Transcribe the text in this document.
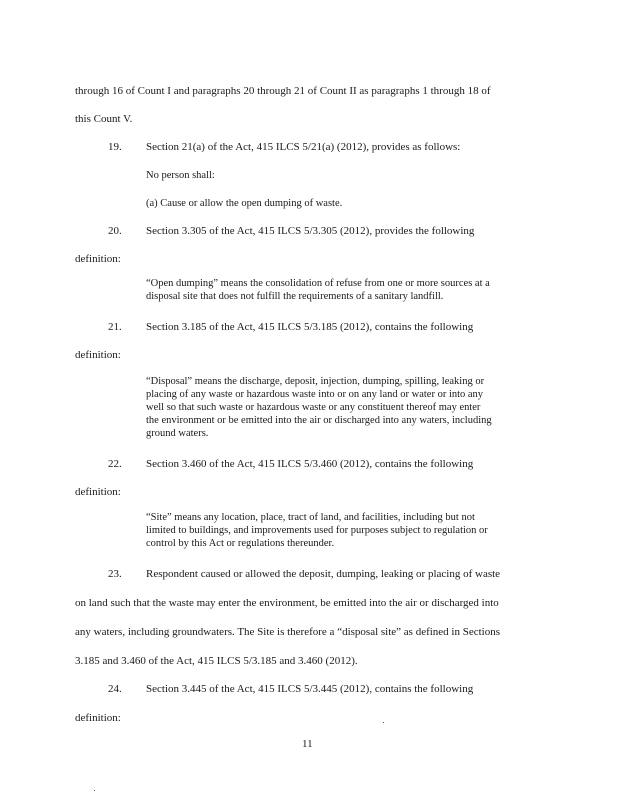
through 16 of Count I and paragraphs 20 through 21 of Count II as paragraphs 1 through 18 of
this Count V.
19. Section 21(a) of the Act, 415 ILCS 5/21(a) (2012), provides as follows:
No person shall:
(a) Cause or allow the open dumping of waste.
20. Section 3.305 of the Act, 415 ILCS 5/3.305 (2012), provides the following
definition:
“Open dumping” means the consolidation of refuse from one or more sources at a
disposal site that does not fulfill the requirements of a sanitary landfill.
21. Section 3.185 of the Act, 415 ILCS 5/3.185 (2012), contains the following
definition:
“Disposal” means the discharge, deposit, injection, dumping, spilling, leaking or
placing of any waste or hazardous waste into or on any land or water or into any
well so that such waste or hazardous waste or any constituent thereof may enter
the environment or be emitted into the air or discharged into any waters, including
ground waters.
22. Section 3.460 of the Act, 415 ILCS 5/3.460 (2012), contains the following
definition:
“Site” means any location, place, tract of land, and facilities, including but not
limited to buildings, and improvements used for purposes subject to regulation or
control by this Act or regulations thereunder.
23. Respondent caused or allowed the deposit, dumping, leaking or placing of waste
on land such that the waste may enter the environment, be emitted into the air or discharged into
any waters, including groundwaters. The Site is therefore a “disposal site” as defined in Sections
3.185 and 3.460 of the Act, 415 ILCS 5/3.185 and 3.460 (2012).
24. Section 3.445 of the Act, 415 ILCS 5/3.445 (2012), contains the following
definition:
11
